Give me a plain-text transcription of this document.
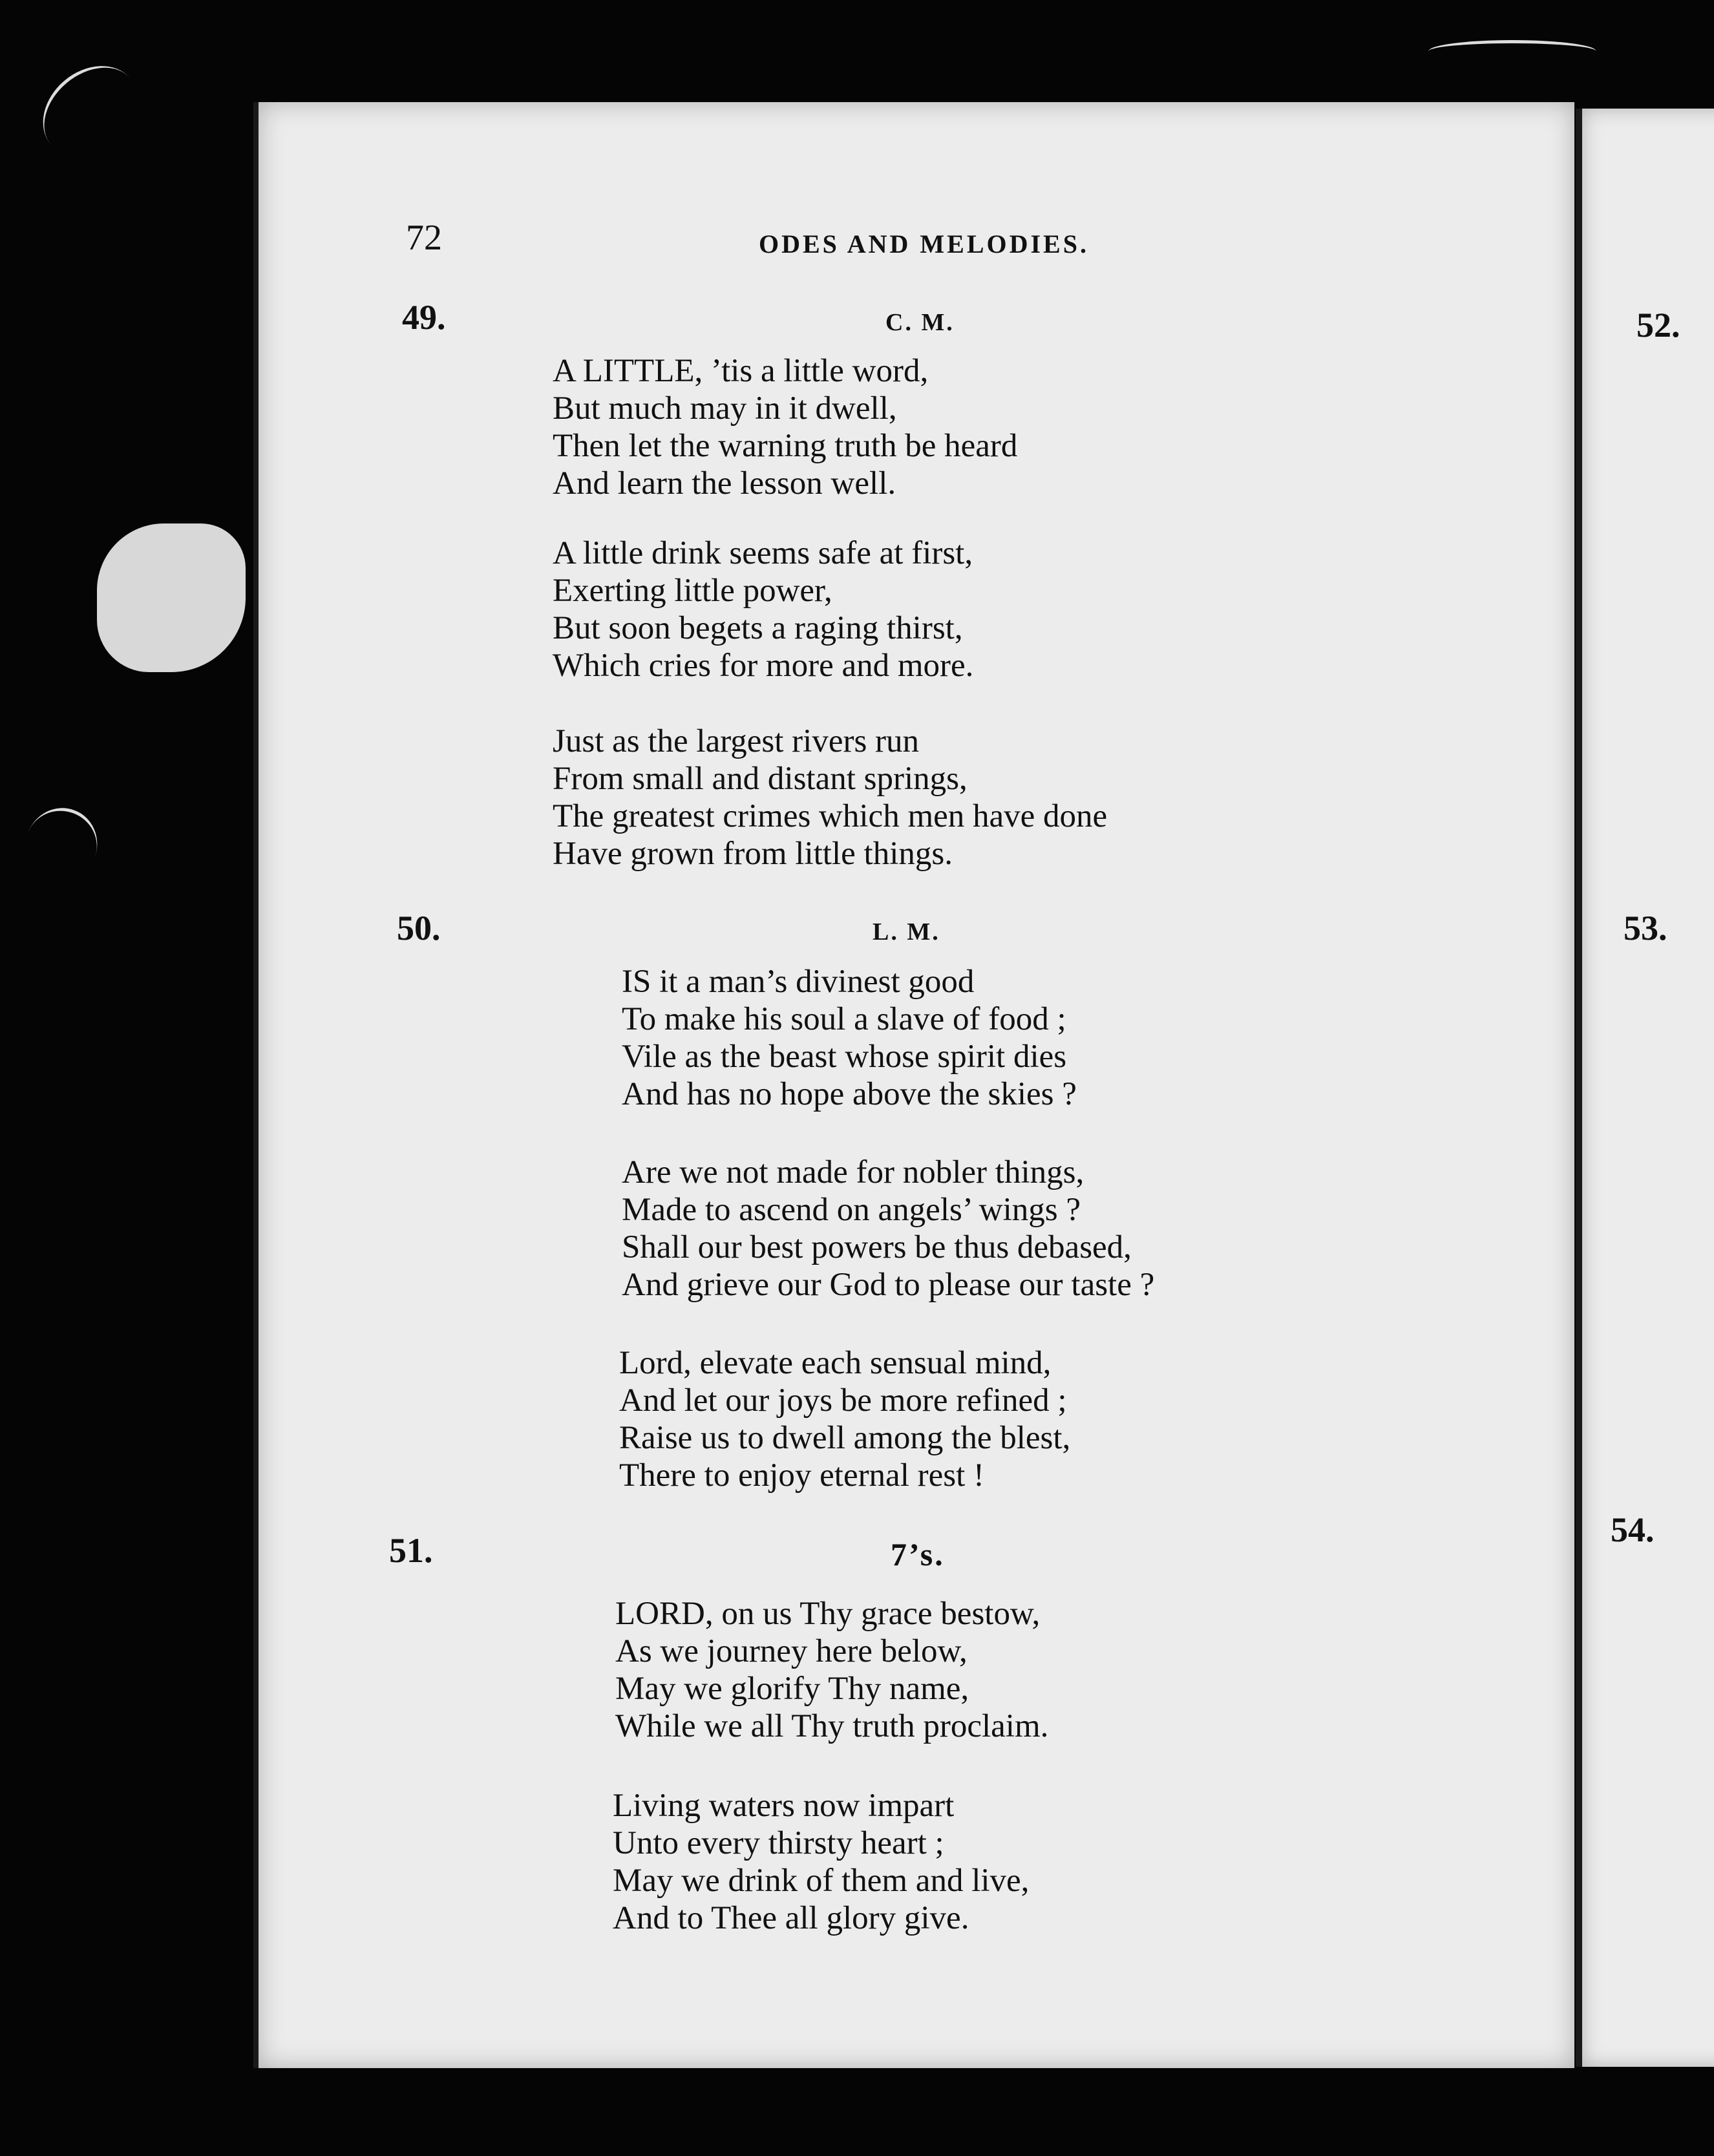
72	ODES AND MELODIES.
49.	C. M.
A LITTLE, ’tis a little word,
But much may in it dwell,
Then let the warning truth be heard
And learn the lesson well.
A little drink seems safe at first,
Exerting little power,
But soon begets a raging thirst,
Which cries for more and more.
Just as the largest rivers run
From small and distant springs,
The greatest crimes which men have done
Have grown from little things.
50.	L. M.
IS it a man’s divinest good
To make his soul a slave of food ;
Vile as the beast whose spirit dies
And has no hope above the skies ?
Are we not made for nobler things,
Made to ascend on angels’ wings ?
Shall our best powers be thus debased,
And grieve our God to please our taste ?
Lord, elevate each sensual mind,
And let our joys be more refined ;
Raise us to dwell among the blest,
There to enjoy eternal rest !
51.	7’s.
LORD, on us Thy grace bestow,
As we journey here below,
May we glorify Thy name,
While we all Thy truth proclaim.
Living waters now impart
Unto every thirsty heart ;
May we drink of them and live,
And to Thee all glory give.
52.
53.
54.
